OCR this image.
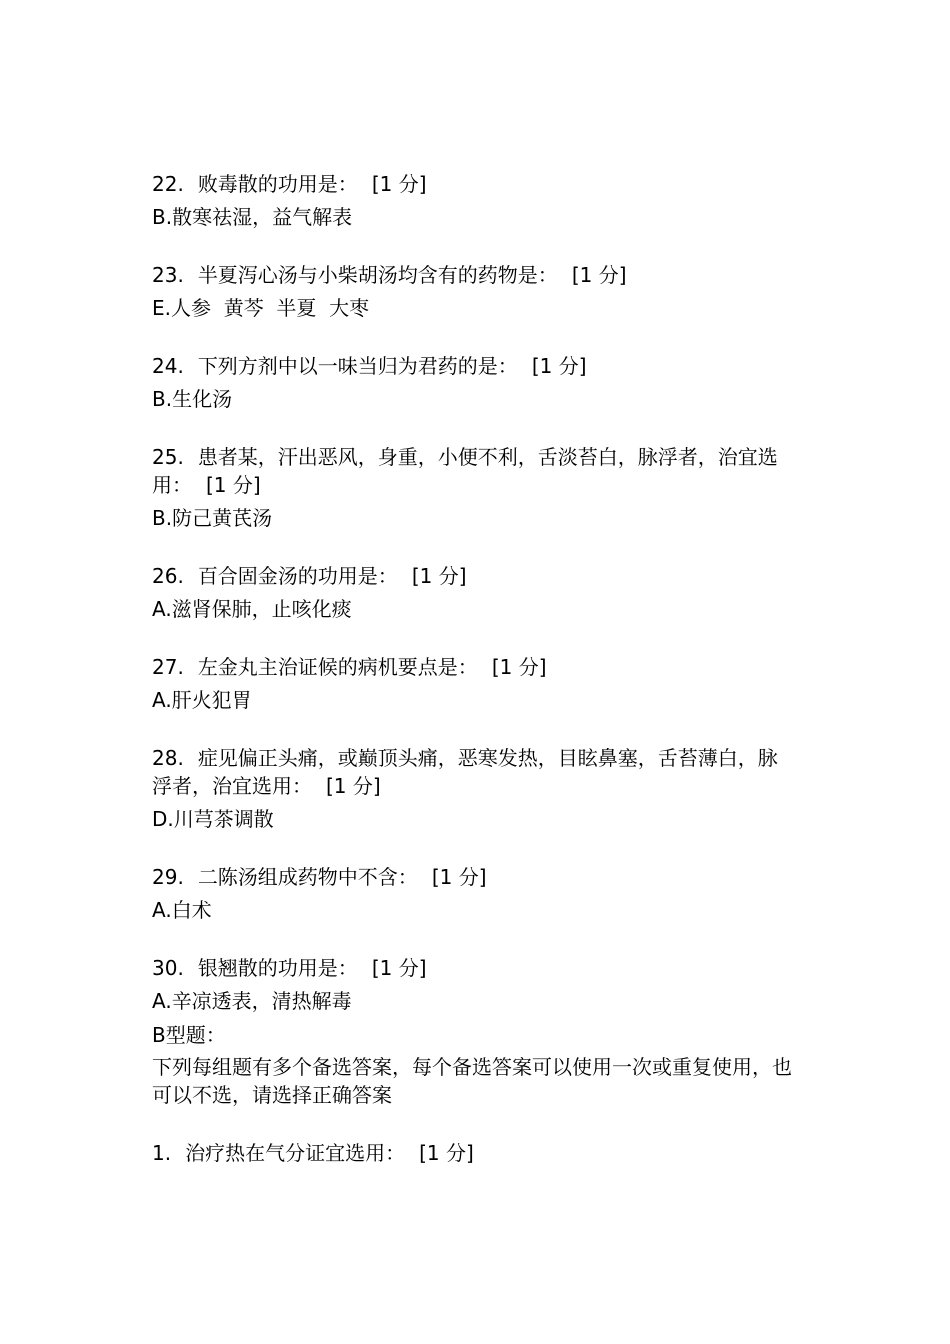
22. 败毒散的功用是： [1 分]

B.散寒祛湿，益气解表

23. 半夏泻心汤与小柴胡汤均含有的药物是： [1 分]

E.人参  黄芩  半夏  大枣

24. 下列方剂中以一味当归为君药的是： [1 分]

B.生化汤

25. 患者某，汗出恶风，身重，小便不利，舌淡苔白，脉浮者，治宜选用： [1 分]

B.防己黄芪汤

26. 百合固金汤的功用是： [1 分]

A.滋肾保肺，止咳化痰

27. 左金丸主治证候的病机要点是： [1 分]

A.肝火犯胃

28. 症见偏正头痛，或巅顶头痛，恶寒发热，目眩鼻塞，舌苔薄白，脉浮者，治宜选用： [1 分]

D.川芎茶调散

29. 二陈汤组成药物中不含： [1 分]

A.白术

30. 银翘散的功用是： [1 分]

A.辛凉透表，清热解毒

B型题：

下列每组题有多个备选答案，每个备选答案可以使用一次或重复使用，也可以不选，请选择正确答案

1. 治疗热在气分证宜选用： [1 分]
